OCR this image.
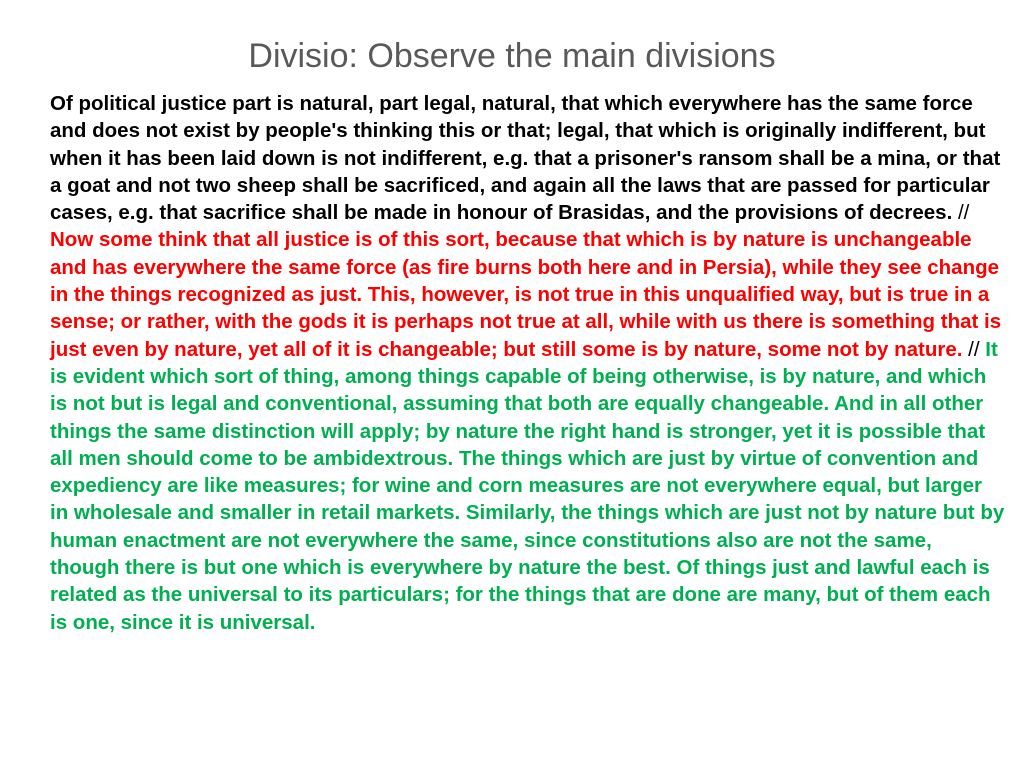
Divisio: Observe the main divisions

Of political justice part is natural, part legal, natural, that which everywhere has the same force and does not exist by people's thinking this or that; legal, that which is originally indifferent, but when it has been laid down is not indifferent, e.g. that a prisoner's ransom shall be a mina, or that a goat and not two sheep shall be sacrificed, and again all the laws that are passed for particular cases, e.g. that sacrifice shall be made in honour of Brasidas, and the provisions of decrees. // Now some think that all justice is of this sort, because that which is by nature is unchangeable and has everywhere the same force (as fire burns both here and in Persia), while they see change in the things recognized as just. This, however, is not true in this unqualified way, but is true in a sense; or rather, with the gods it is perhaps not true at all, while with us there is something that is just even by nature, yet all of it is changeable; but still some is by nature, some not by nature. // It is evident which sort of thing, among things capable of being otherwise, is by nature, and which is not but is legal and conventional, assuming that both are equally changeable. And in all other things the same distinction will apply; by nature the right hand is stronger, yet it is possible that all men should come to be ambidextrous. The things which are just by virtue of convention and expediency are like measures; for wine and corn measures are not everywhere equal, but larger in wholesale and smaller in retail markets. Similarly, the things which are just not by nature but by human enactment are not everywhere the same, since constitutions also are not the same, though there is but one which is everywhere by nature the best. Of things just and lawful each is related as the universal to its particulars; for the things that are done are many, but of them each is one, since it is universal.
